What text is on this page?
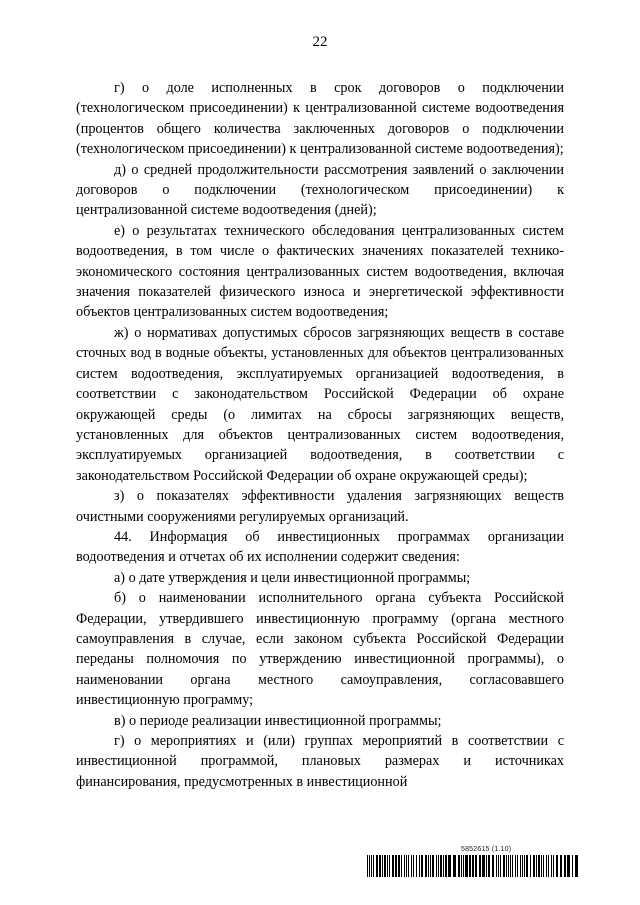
22

г) о доле исполненных в срок договоров о подключении (технологическом присоединении) к централизованной системе водоотведения (процентов общего количества заключенных договоров о подключении (технологическом присоединении) к централизованной системе водоотведения);

д) о средней продолжительности рассмотрения заявлений о заключении договоров о подключении (технологическом присоединении) к централизованной системе водоотведения (дней);

е) о результатах технического обследования централизованных систем водоотведения, в том числе о фактических значениях показателей технико-экономического состояния централизованных систем водоотведения, включая значения показателей физического износа и энергетической эффективности объектов централизованных систем водоотведения;

ж) о нормативах допустимых сбросов загрязняющих веществ в составе сточных вод в водные объекты, установленных для объектов централизованных систем водоотведения, эксплуатируемых организацией водоотведения, в соответствии с законодательством Российской Федерации об охране окружающей среды (о лимитах на сбросы загрязняющих веществ, установленных для объектов централизованных систем водоотведения, эксплуатируемых организацией водоотведения, в соответствии с законодательством Российской Федерации об охране окружающей среды);

з) о показателях эффективности удаления загрязняющих веществ очистными сооружениями регулируемых организаций.

44. Информация об инвестиционных программах организации водоотведения и отчетах об их исполнении содержит сведения:

а) о дате утверждения и цели инвестиционной программы;

б) о наименовании исполнительного органа субъекта Российской Федерации, утвердившего инвестиционную программу (органа местного самоуправления в случае, если законом субъекта Российской Федерации переданы полномочия по утверждению инвестиционной программы), о наименовании органа местного самоуправления, согласовавшего инвестиционную программу;

в) о периоде реализации инвестиционной программы;

г) о мероприятиях и (или) группах мероприятий в соответствии с инвестиционной программой, плановых размерах и источниках финансирования, предусмотренных в инвестиционной

5852615 (1.10)
